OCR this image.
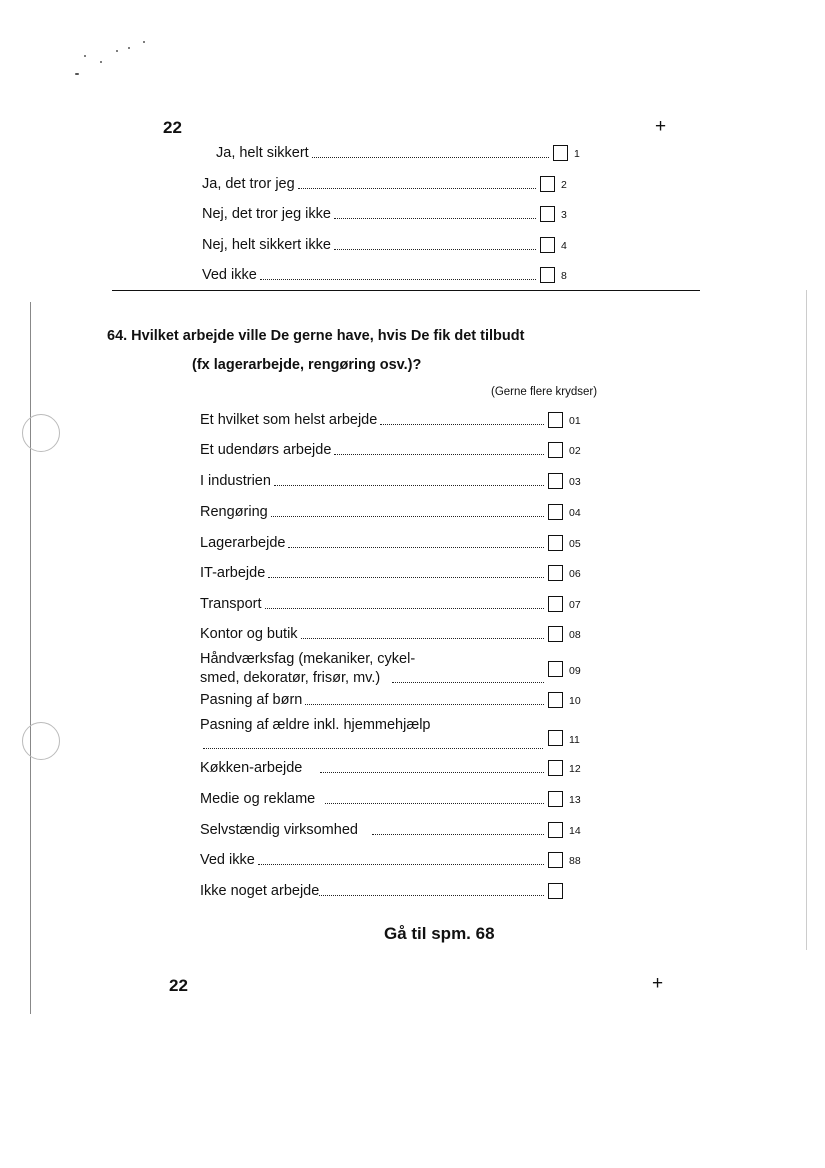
22	+
Ja, helt sikkert	1
Ja, det tror jeg	2
Nej, det tror jeg ikke	3
Nej, helt sikkert ikke	4
Ved ikke	8
64. Hvilket arbejde ville De gerne have, hvis De fik det tilbudt
(fx lagerarbejde, rengøring osv.)?
(Gerne flere krydser)
Et hvilket som helst arbejde	01
Et udendørs arbejde	02
I industrien	03
Rengøring	04
Lagerarbejde	05
IT-arbejde	06
Transport	07
Kontor og butik	08
Håndværksfag (mekaniker, cykel-
smed, dekoratør, frisør, mv.)	09
Pasning af børn	10
Pasning af ældre inkl. hjemmehjælp
11
Køkken-arbejde	12
Medie og reklame	13
Selvstændig virksomhed	14
Ved ikke	88
Ikke noget arbejde
Gå til spm. 68
22	+
